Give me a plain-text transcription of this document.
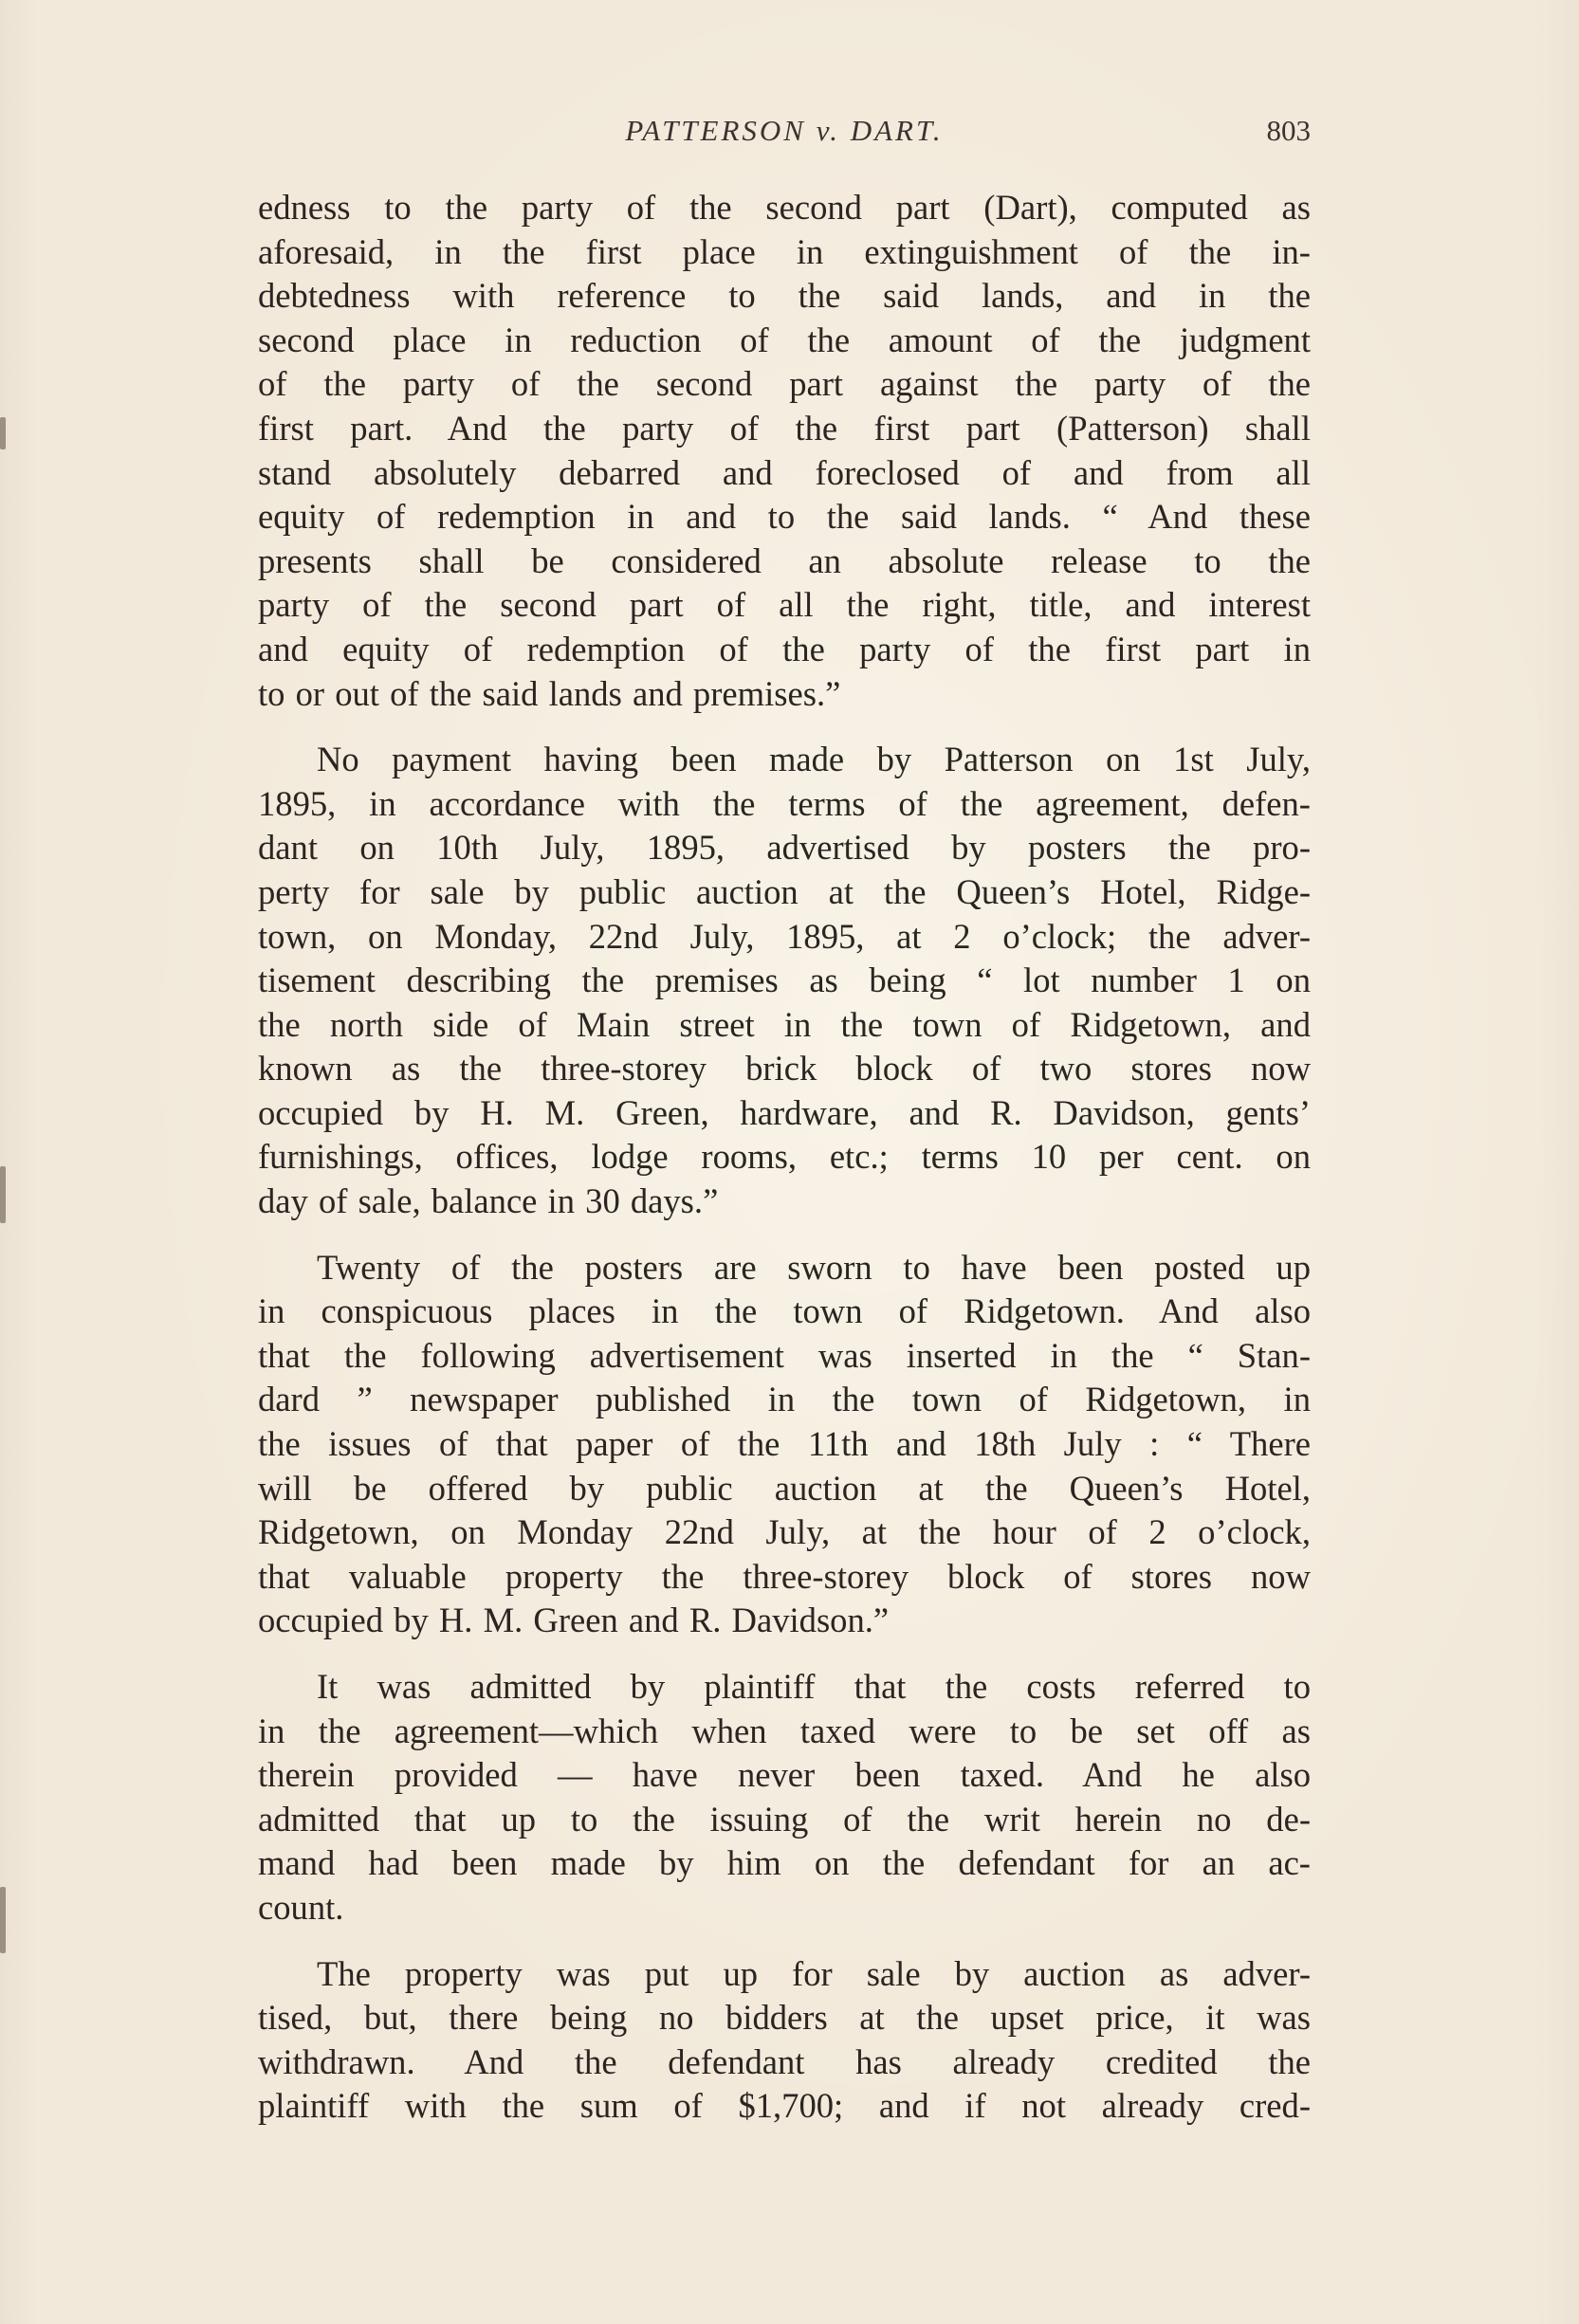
PATTERSON v. DART.	803
edness to the party of the second part (Dart), computed as
aforesaid, in the first place in extinguishment of the in-
debtedness with reference to the said lands, and in the
second place in reduction of the amount of the judgment
of the party of the second part against the party of the
first part. And the party of the first part (Patterson) shall
stand absolutely debarred and foreclosed of and from all
equity of redemption in and to the said lands. “ And these
presents shall be considered an absolute release to the
party of the second part of all the right, title, and interest
and equity of redemption of the party of the first part in
to or out of the said lands and premises.”
No payment having been made by Patterson on 1st July,
1895, in accordance with the terms of the agreement, defen-
dant on 10th July, 1895, advertised by posters the pro-
perty for sale by public auction at the Queen’s Hotel, Ridge-
town, on Monday, 22nd July, 1895, at 2 o’clock; the adver-
tisement describing the premises as being “ lot number 1 on
the north side of Main street in the town of Ridgetown, and
known as the three-storey brick block of two stores now
occupied by H. M. Green, hardware, and R. Davidson, gents’
furnishings, offices, lodge rooms, etc.; terms 10 per cent. on
day of sale, balance in 30 days.”
Twenty of the posters are sworn to have been posted up
in conspicuous places in the town of Ridgetown. And also
that the following advertisement was inserted in the “ Stan-
dard ” newspaper published in the town of Ridgetown, in
the issues of that paper of the 11th and 18th July : “ There
will be offered by public auction at the Queen’s Hotel,
Ridgetown, on Monday 22nd July, at the hour of 2 o’clock,
that valuable property the three-storey block of stores now
occupied by H. M. Green and R. Davidson.”
It was admitted by plaintiff that the costs referred to
in the agreement—which when taxed were to be set off as
therein provided — have never been taxed. And he also
admitted that up to the issuing of the writ herein no de-
mand had been made by him on the defendant for an ac-
count.
The property was put up for sale by auction as adver-
tised, but, there being no bidders at the upset price, it was
withdrawn. And the defendant has already credited the
plaintiff with the sum of $1,700; and if not already cred-
